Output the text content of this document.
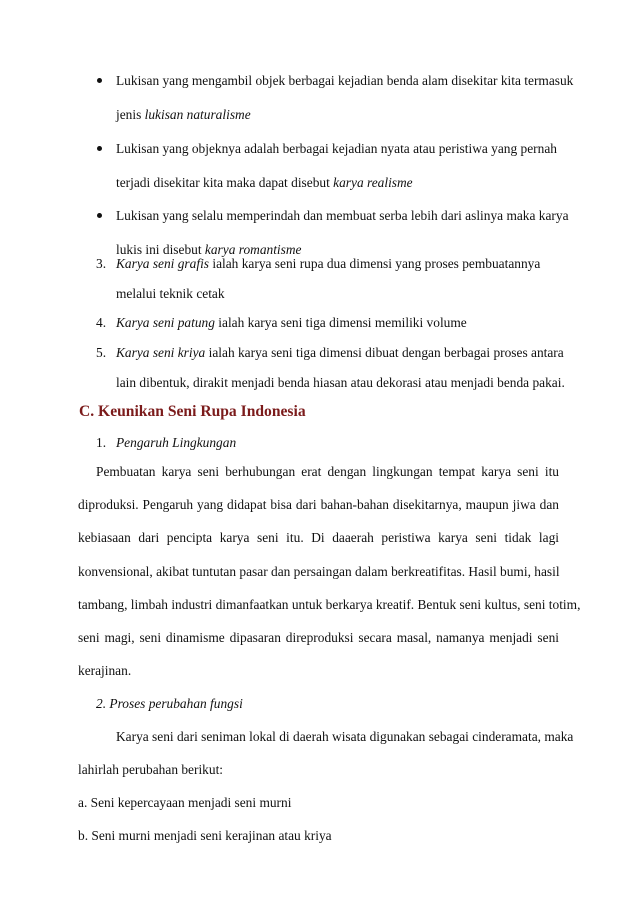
Lukisan yang mengambil objek berbagai kejadian benda alam disekitar kita termasuk
jenis lukisan naturalisme
Lukisan yang objeknya adalah berbagai kejadian nyata atau peristiwa yang pernah
terjadi disekitar kita maka dapat disebut karya realisme
Lukisan yang selalu memperindah dan membuat serba lebih dari aslinya maka karya
lukis ini disebut karya romantisme
3. Karya seni grafis ialah karya seni rupa dua dimensi yang proses pembuatannya
melalui teknik cetak
4. Karya seni patung ialah karya seni tiga dimensi memiliki volume
5. Karya seni kriya ialah karya seni tiga dimensi dibuat dengan berbagai proses antara
lain dibentuk, dirakit menjadi benda hiasan atau dekorasi atau menjadi benda pakai.
C. Keunikan Seni Rupa Indonesia
1. Pengaruh Lingkungan
Pembuatan karya seni berhubungan erat dengan lingkungan tempat karya seni itu
diproduksi. Pengaruh yang didapat bisa dari bahan-bahan disekitarnya, maupun jiwa dan
kebiasaan dari pencipta karya seni itu. Di daaerah peristiwa karya seni tidak lagi
konvensional, akibat tuntutan pasar dan persaingan dalam berkreatifitas. Hasil bumi, hasil
tambang, limbah industri dimanfaatkan untuk berkarya kreatif. Bentuk seni kultus, seni totim,
seni magi, seni dinamisme dipasaran direproduksi secara masal, namanya menjadi seni
kerajinan.
2. Proses perubahan fungsi
Karya seni dari seniman lokal di daerah wisata digunakan sebagai cinderamata, maka
lahirlah perubahan berikut:
a. Seni kepercayaan menjadi seni murni
b. Seni murni menjadi seni kerajinan atau kriya
